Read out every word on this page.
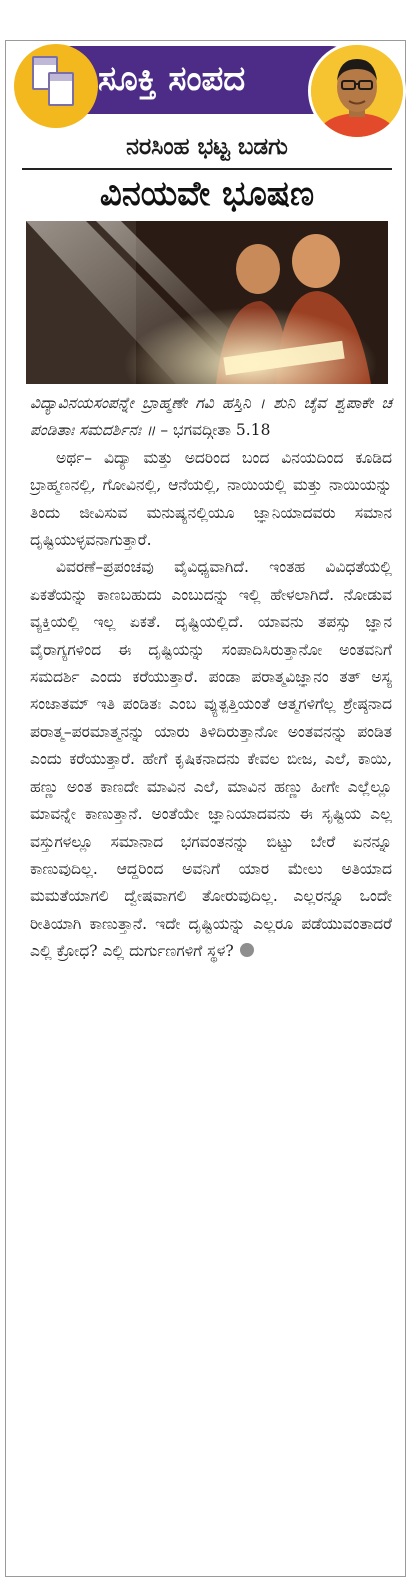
ಸೂಕ್ತಿ ಸಂಪದ
ನರಸಿಂಹ ಭಟ್ಟ ಬಡಗು
ವಿನಯವೇ ಭೂಷಣ

ವಿದ್ಯಾವಿನಯಸಂಪನ್ನೇ ಬ್ರಾಹ್ಮಣೇ ಗವಿ ಹಸ್ತಿನಿ । ಶುನಿ ಚೈವ ಶ್ವಪಾಕೇ ಚ ಪಂಡಿತಾಃ ಸಮದರ್ಶಿನಃ ॥ – ಭಗವದ್ಗೀತಾ 5.18

ಅರ್ಥ– ವಿದ್ಯಾ ಮತ್ತು ಅದರಿಂದ ಬಂದ ವಿನಯದಿಂದ ಕೂಡಿದ ಬ್ರಾಹ್ಮಣನಲ್ಲಿ, ಗೋವಿನಲ್ಲಿ, ಆನೆಯಲ್ಲಿ, ನಾಯಿಯಲ್ಲಿ ಮತ್ತು ನಾಯಿಯನ್ನು ತಿಂದು ಜೀವಿಸುವ ಮನುಷ್ಯನಲ್ಲಿಯೂ ಜ್ಞಾನಿಯಾದವರು ಸಮಾನ ದೃಷ್ಟಿಯುಳ್ಳವನಾಗುತ್ತಾರೆ.

ವಿವರಣೆ–ಪ್ರಪಂಚವು ವೈವಿಧ್ಯವಾಗಿದೆ. ಇಂತಹ ವಿವಿಧತೆಯಲ್ಲಿ ಏಕತೆಯನ್ನು ಕಾಣಬಹುದು ಎಂಬುದನ್ನು ಇಲ್ಲಿ ಹೇಳಲಾಗಿದೆ. ನೋಡುವ ವ್ಯಕ್ತಿಯಲ್ಲಿ ಇಲ್ಲ ಏಕತೆ. ದೃಷ್ಟಿಯಲ್ಲಿದೆ. ಯಾವನು ತಪಸ್ಸು ಜ್ಞಾನ ವೈರಾಗ್ಯಗಳಿಂದ ಈ ದೃಷ್ಟಿಯನ್ನು ಸಂಪಾದಿಸಿರುತ್ತಾನೋ ಅಂತವನಿಗೆ ಸಮದರ್ಶಿ ಎಂದು ಕರೆಯುತ್ತಾರೆ. ಪಂಡಾ ಪರಾತ್ಮವಿಜ್ಞಾನಂ ತತ್ ಅಸ್ಯ ಸಂಜಾತಮ್ ಇತಿ ಪಂಡಿತಃ ಎಂಬ ವ್ಯುತ್ಪತ್ತಿಯಂತೆ ಆತ್ಮಗಳಿಗೆಲ್ಲ ಶ್ರೇಷ್ಠನಾದ ಪರಾತ್ಮ–ಪರಮಾತ್ಮನನ್ನು ಯಾರು ತಿಳಿದಿರುತ್ತಾನೋ ಅಂತವನನ್ನು ಪಂಡಿತ ಎಂದು ಕರೆಯುತ್ತಾರೆ. ಹೇಗೆ ಕೃಷಿಕನಾದನು ಕೇವಲ ಬೀಜ, ಎಲೆ, ಕಾಯಿ, ಹಣ್ಣು ಅಂತ ಕಾಣದೇ ಮಾವಿನ ಎಲೆ, ಮಾವಿನ ಹಣ್ಣು ಹೀಗೇ ಎಲ್ಲೆಲ್ಲೂ ಮಾವನ್ನೇ ಕಾಣುತ್ತಾನೆ. ಅಂತೆಯೇ ಜ್ಞಾನಿಯಾದವನು ಈ ಸೃಷ್ಟಿಯ ಎಲ್ಲ ವಸ್ತುಗಳಲ್ಲೂ ಸಮಾನಾದ ಭಗವಂತನನ್ನು ಬಿಟ್ಟು ಬೇರೆ ಏನನ್ನೂ ಕಾಣುವುದಿಲ್ಲ. ಆದ್ದರಿಂದ ಅವನಿಗೆ ಯಾರ ಮೇಲು ಅತಿಯಾದ ಮಮತೆಯಾಗಲಿ ದ್ವೇಷವಾಗಲಿ ತೋರುವುದಿಲ್ಲ. ಎಲ್ಲರನ್ನೂ ಒಂದೇ ರೀತಿಯಾಗಿ ಕಾಣುತ್ತಾನೆ. ಇದೇ ದೃಷ್ಟಿಯನ್ನು ಎಲ್ಲರೂ ಪಡೆಯುವಂತಾದರೆ ಎಲ್ಲಿ ಕ್ರೋಧ? ಎಲ್ಲಿ ದುರ್ಗುಣಗಳಿಗೆ ಸ್ಥಳ?
